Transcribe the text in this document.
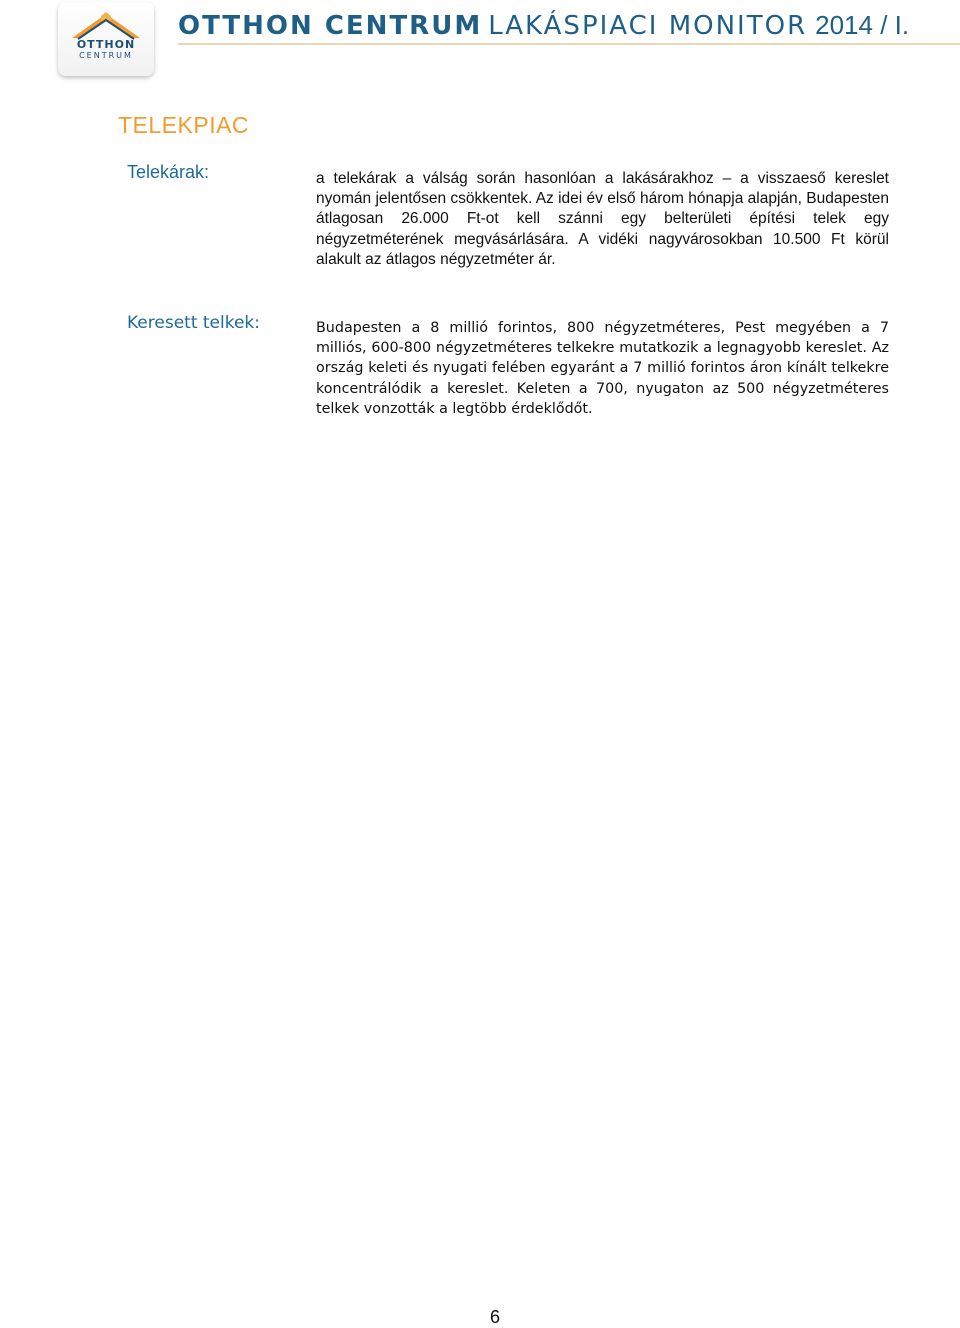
OTTHON
CENTRUM
OTTHON CENTRUM LAKÁSPIACI MONITOR 2014 / I.
TELEKPIAC
Telekárak:	a telekárak a válság során hasonlóan a lakásárakhoz – a visszaeső kereslet nyomán jelentősen csökkentek. Az idei év első három hónapja alapján, Budapesten átlagosan 26.000 Ft-ot kell szánni egy belterületi építési telek egy négyzetméterének megvásárlására. A vidéki nagyvárosokban 10.500 Ft körül alakult az átlagos négyzetméter ár.
Keresett telkek:	Budapesten a 8 millió forintos, 800 négyzetméteres, Pest megyében a 7 milliós, 600-800 négyzetméteres telkekre mutatkozik a legnagyobb kereslet. Az ország keleti és nyugati felében egyaránt a 7 millió forintos áron kínált telkekre koncentrálódik a kereslet. Keleten a 700, nyugaton az 500 négyzetméteres telkek vonzották a legtöbb érdeklődőt.
6
